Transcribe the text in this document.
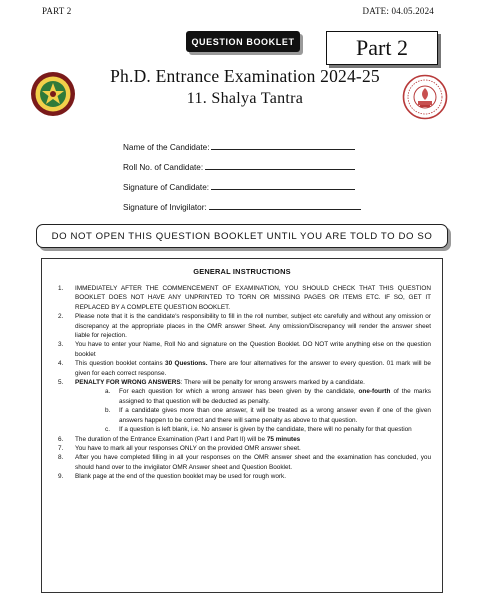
PART 2	DATE: 04.05.2024
QUESTION BOOKLET	Part 2
Ph.D. Entrance Examination 2024-25
11. Shalya Tantra
Name of the Candidate:
Roll No. of Candidate:
Signature of Candidate:
Signature of Invigilator:
DO NOT OPEN THIS QUESTION BOOKLET UNTIL YOU ARE TOLD TO DO SO
GENERAL INSTRUCTIONS
1. IMMEDIATELY AFTER THE COMMENCEMENT OF EXAMINATION, YOU SHOULD CHECK THAT THIS QUESTION BOOKLET DOES NOT HAVE ANY UNPRINTED TO TORN OR MISSING PAGES OR ITEMS ETC. IF SO, GET IT REPLACED BY A COMPLETE QUESTION BOOKLET.
2. Please note that it is the candidate's responsibility to fill in the roll number, subject etc carefully and without any omission or discrepancy at the appropriate places in the OMR answer Sheet. Any omission/Discrepancy will render the answer sheet liable for rejection.
3. You have to enter your Name, Roll No and signature on the Question Booklet. DO NOT write anything else on the question booklet
4. This question booklet contains 30 Questions. There are four alternatives for the answer to every question. 01 mark will be given for each correct response.
5. PENALTY FOR WRONG ANSWERS: There will be penalty for wrong answers marked by a candidate.
a. For each question for which a wrong answer has been given by the candidate, one-fourth of the marks assigned to that question will be deducted as penalty.
b. If a candidate gives more than one answer, it will be treated as a wrong answer even if one of the given answers happen to be correct and there will same penalty as above to that question.
c. If a question is left blank, i.e. No answer is given by the candidate, there will no penalty for that question
6. The duration of the Entrance Examination (Part I and Part II) will be 75 minutes
7. You have to mark all your responses ONLY on the provided OMR answer sheet.
8. After you have completed filling in all your responses on the OMR answer sheet and the examination has concluded, you should hand over to the invigilator OMR Answer sheet and Question Booklet.
9. Blank page at the end of the question booklet may be used for rough work.
